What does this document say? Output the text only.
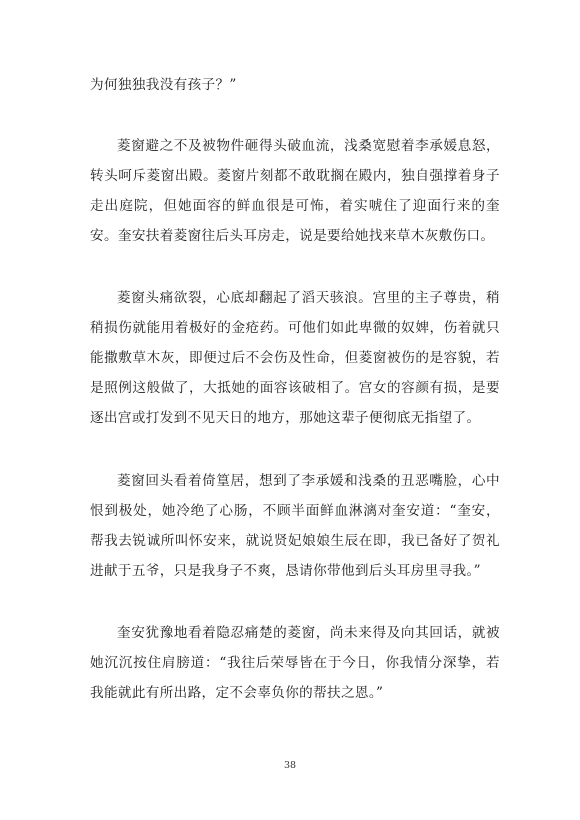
为何独独我没有孩子？”

菱窗避之不及被物件砸得头破血流，浅桑宽慰着李承媛息怒，转头呵斥菱窗出殿。菱窗片刻都不敢耽搁在殿内，独自强撑着身子走出庭院，但她面容的鲜血很是可怖，着实唬住了迎面行来的奎安。奎安扶着菱窗往后头耳房走，说是要给她找来草木灰敷伤口。

菱窗头痛欲裂，心底却翻起了滔天骇浪。宫里的主子尊贵，稍稍损伤就能用着极好的金疮药。可他们如此卑微的奴婢，伤着就只能撒敷草木灰，即便过后不会伤及性命，但菱窗被伤的是容貌，若是照例这般做了，大抵她的面容该破相了。宫女的容颜有损，是要逐出宫或打发到不见天日的地方，那她这辈子便彻底无指望了。

菱窗回头看着倚篁居，想到了李承媛和浅桑的丑恶嘴脸，心中恨到极处，她冷绝了心肠，不顾半面鲜血淋漓对奎安道：“奎安，帮我去锐诚所叫怀安来，就说贤妃娘娘生辰在即，我已备好了贺礼进献于五爷，只是我身子不爽，恳请你带他到后头耳房里寻我。”

奎安犹豫地看着隐忍痛楚的菱窗，尚未来得及向其回话，就被她沉沉按住肩膀道：“我往后荣辱皆在于今日，你我情分深挚，若我能就此有所出路，定不会辜负你的帮扶之恩。”

38
